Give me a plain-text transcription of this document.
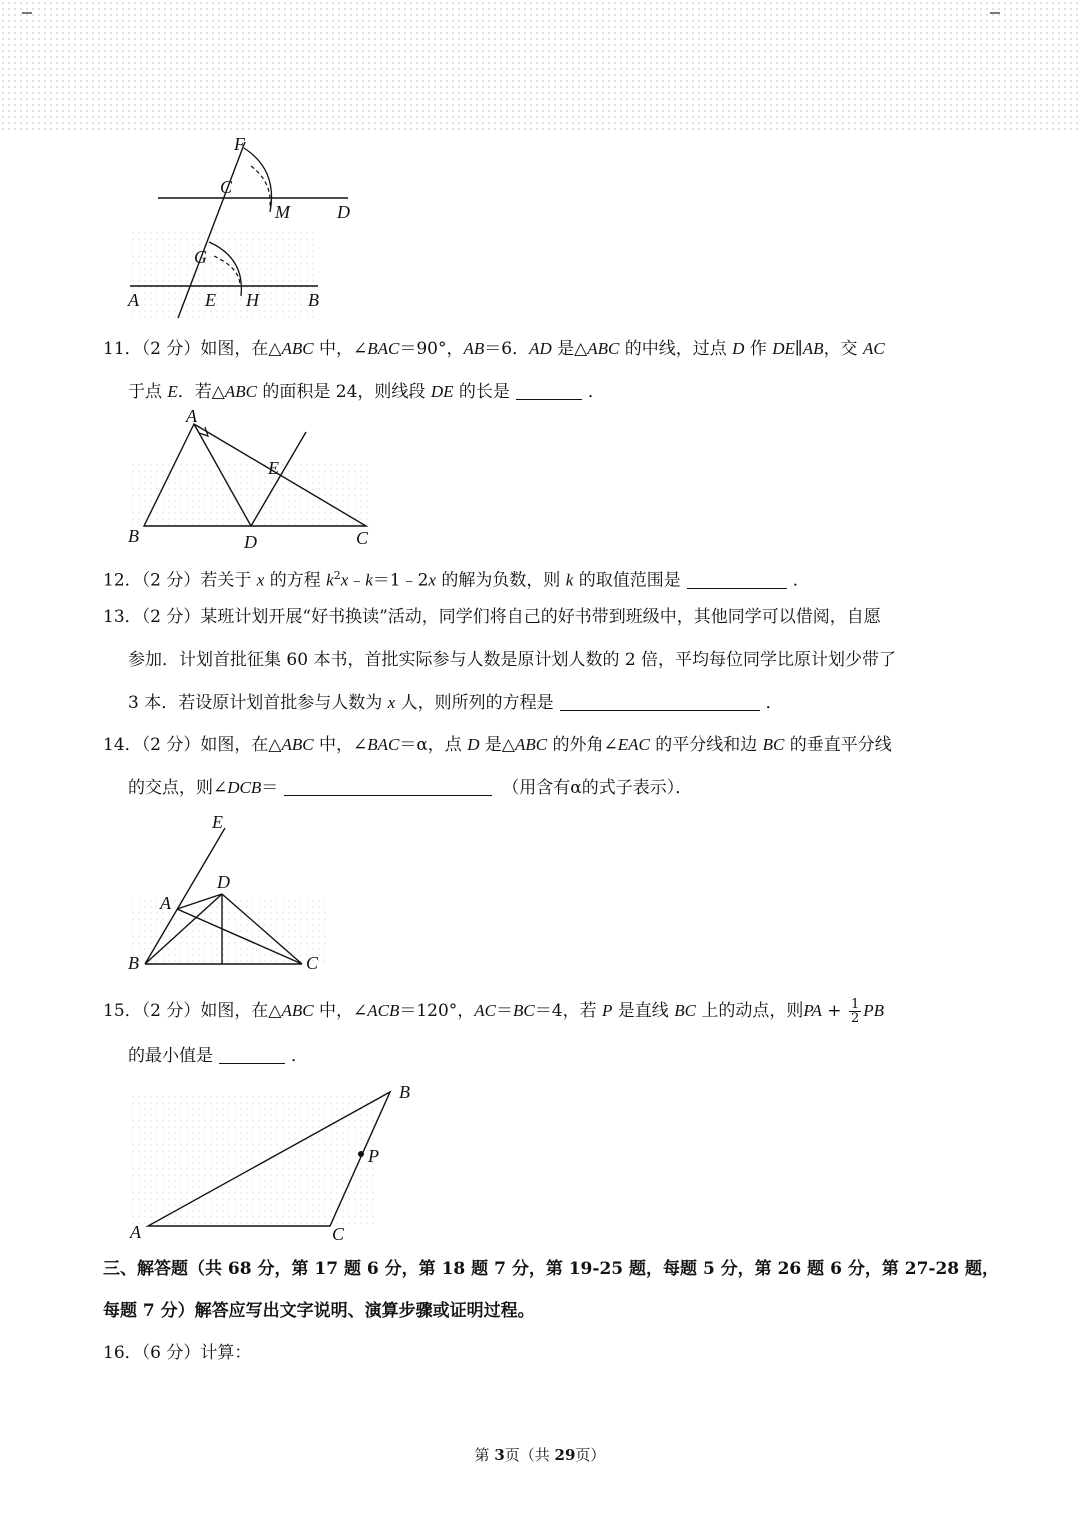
F
C
M	D
G
A	E H	B
11．（2 分）如图，在△ABC 中，∠BAC＝90°，AB＝6．AD 是△ABC 的中线，过点 D 作 DE∥AB，交 AC
于点 E．若△ABC 的面积是 24，则线段 DE 的长是	．
A
E
B	D	C
12．（2 分）若关于 x 的方程 $k^2x﹣k=1﹣2x$ 的解为负数，则 k 的取值范围是	．
13．（2 分）某班计划开展“好书换读”活动，同学们将自己的好书带到班级中，其他同学可以借阅，自愿
参加．计划首批征集 60 本书，首批实际参与人数是原计划人数的 2 倍，平均每位同学比原计划少带了
3 本．若设原计划首批参与人数为 x 人，则所列的方程是	．
14．（2 分）如图，在△ABC 中，∠BAC＝α，点 D 是△ABC 的外角∠EAC 的平分线和边 BC 的垂直平分线
的交点，则∠DCB＝	（用含有α的式子表示）．
E
D
A
B	C
15．（2 分）如图，在△ABC 中，∠ACB＝120°，AC＝BC＝4，若 P 是直线 BC 上的动点，则PA + $\frac{1}{2}$ PB
的最小值是	．
B
P
A	C
三、解答题（共 68 分，第 17 题 6 分，第 18 题 7 分，第 19-25 题，每题 5 分，第 26 题 6 分，第 27-28 题，
每题 7 分）解答应写出文字说明、演算步骤或证明过程。
16．（6 分）计算：
第 3页（共 29页）
